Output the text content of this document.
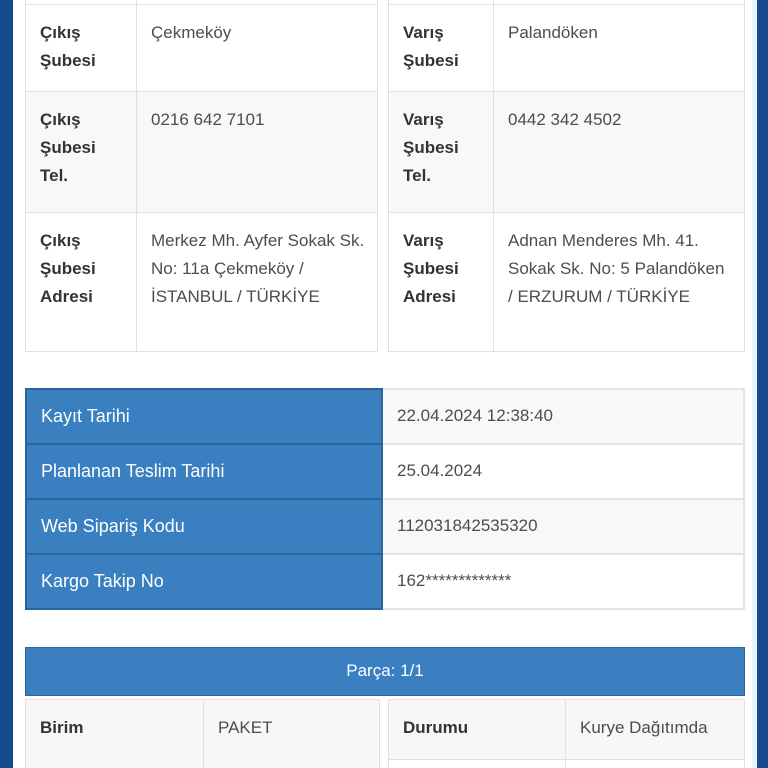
Çıkış Şubesi	Çekmeköy
Çıkış Şubesi Tel.	0216 642 7101
Çıkış Şubesi Adresi	Merkez Mh. Ayfer Sokak Sk. No: 11a Çekmeköy / İSTANBUL / TÜRKİYE

Varış Şubesi	Palandöken
Varış Şubesi Tel.	0442 342 4502
Varış Şubesi Adresi	Adnan Menderes Mh. 41. Sokak Sk. No: 5 Palandöken / ERZURUM / TÜRKİYE
Kayıt Tarihi	22.04.2024 12:38:40
Planlanan Teslim Tarihi	25.04.2024
Web Sipariş Kodu	112031842535320
Kargo Takip No	162*************
Parça: 1/1
Birim	PAKET	Durumu	Kurye Dağıtımda
